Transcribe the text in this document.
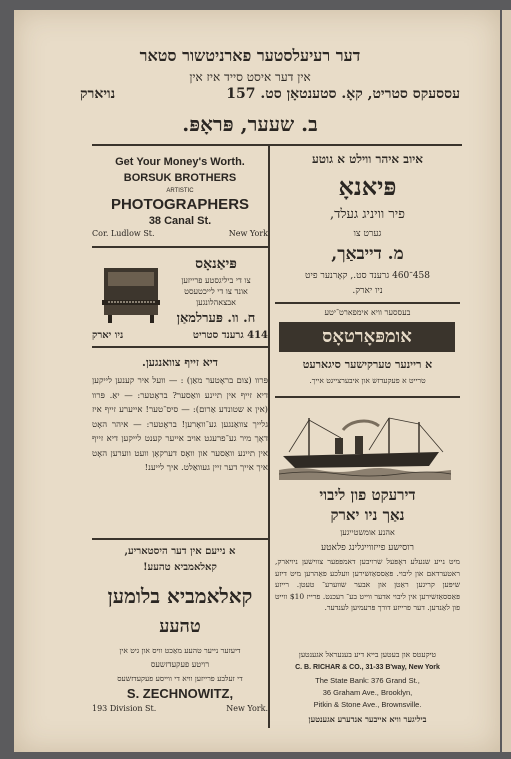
דער רעיעלסטער פארניטשור סטאר
אין דער איסט סייד איז אין
נויארק	עססעקס סטריט, קאָ. סטענטאָן סט. 157
ב. שעער, פּראָפּ.
Get Your Money's Worth.
BORSUK BROTHERS
ARTISTIC
PHOTOGRAPHERS
38 Canal St.
Cor. Ludlow St.	New York
פּיאַנאָס
צו די ביליגסטע פרייזען
אונד צו די לייכטעסט
אבצאהלונגען
ח. וו. פּערלמאַן
ניו יארק	414 גרענד סטריט
דיא זייף צוואנגען.
פּרוו (צום בראָטער מאַן) : — וועל איר קענען לייקען דיא זייף אין תיינע וואַסער? בראָטער: — יאַ. פּרוו (אין א שטונדע אַרום): — סיס־טער! אייערע זייף איז גלייך צוואַנגען גע־וואָרען! בראָטער: — איהר האָט דאָך מיר גע־פרעגט אויב אייער קענט לייקען דיא זייף אין תיינע וואַסער און וואָס דערקאָן וועט ווערען האָט איך אייך דער זיין געוואַלט. איך לייענ!
א נייעם אין דער היסטאריע,
קאלאמביא טהעע!
קאלאמביא בלומען
טהעע
דיעזער נייער טהעע מאַכט וויס און גיט אין
רויטע פעקעדזשעס
די זעלבע פרייזען וויא די ווייסע פעקעדזשעס
S. ZECHNOWITZ,
193 Division St.	New York.
איוב איהר ווילט א גוטע
פּיאנאָ
פיר וויניג געלד,
גערט צו
מ. דייבאַך,
458־460 גרענד סט., קאָרנער פיט
ניו יארק.
בעססער וויא אימפארט־יטע
אומפּאָרטאָס
א ריינער טערקישער סיגארעט
טרייט א פעקעדזש און איבערצייגט אייך.
דירעקט פון ליבוי
נאַך ניו יארק
אהנע אומשטייגען
רוסישע פייזווייגלינג פלאטע
מיט נייע שנעלע דאָפּעל שרויבען דאמפּפער צווישען ניויארק, ראטערדאם און ליבוי. פּאַססאַזשירען וועלכע פאַהרען מיט דיזע שיפּען קריגען ראַטן און אבער שווערע־ טעטן. רייזע פּאַססאַזשירען אין ליבוי אדער ווייט בע־ רעכנט. פרייז $10 ווייט פון לאַנדען. דער פרייזע דורך פּרעמיען לענדער.
טיקעטס און בעטען בייא דיע בענעראל אגענטען
C. B. RICHAR & CO., 31-33 B'way, New York
The State Bank: 376 Grand St.,
36 Graham Ave., Brooklyn,
Pitkin & Stone Ave., Brownsville.
ביליגער וויא אייבער אנדערע אגענטען
